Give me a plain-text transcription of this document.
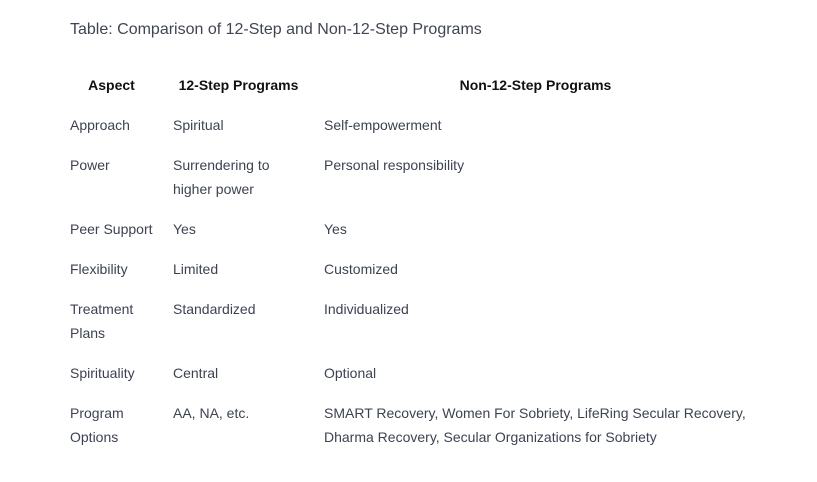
Table: Comparison of 12-Step and Non-12-Step Programs
Aspect	12-Step Programs	Non-12-Step Programs
Approach	Spiritual	Self-empowerment
Power	Surrendering to higher power	Personal responsibility
Peer Support	Yes	Yes
Flexibility	Limited	Customized
Treatment Plans	Standardized	Individualized
Spirituality	Central	Optional
Program Options	AA, NA, etc.	SMART Recovery, Women For Sobriety, LifeRing Secular Recovery, Dharma Recovery, Secular Organizations for Sobriety
